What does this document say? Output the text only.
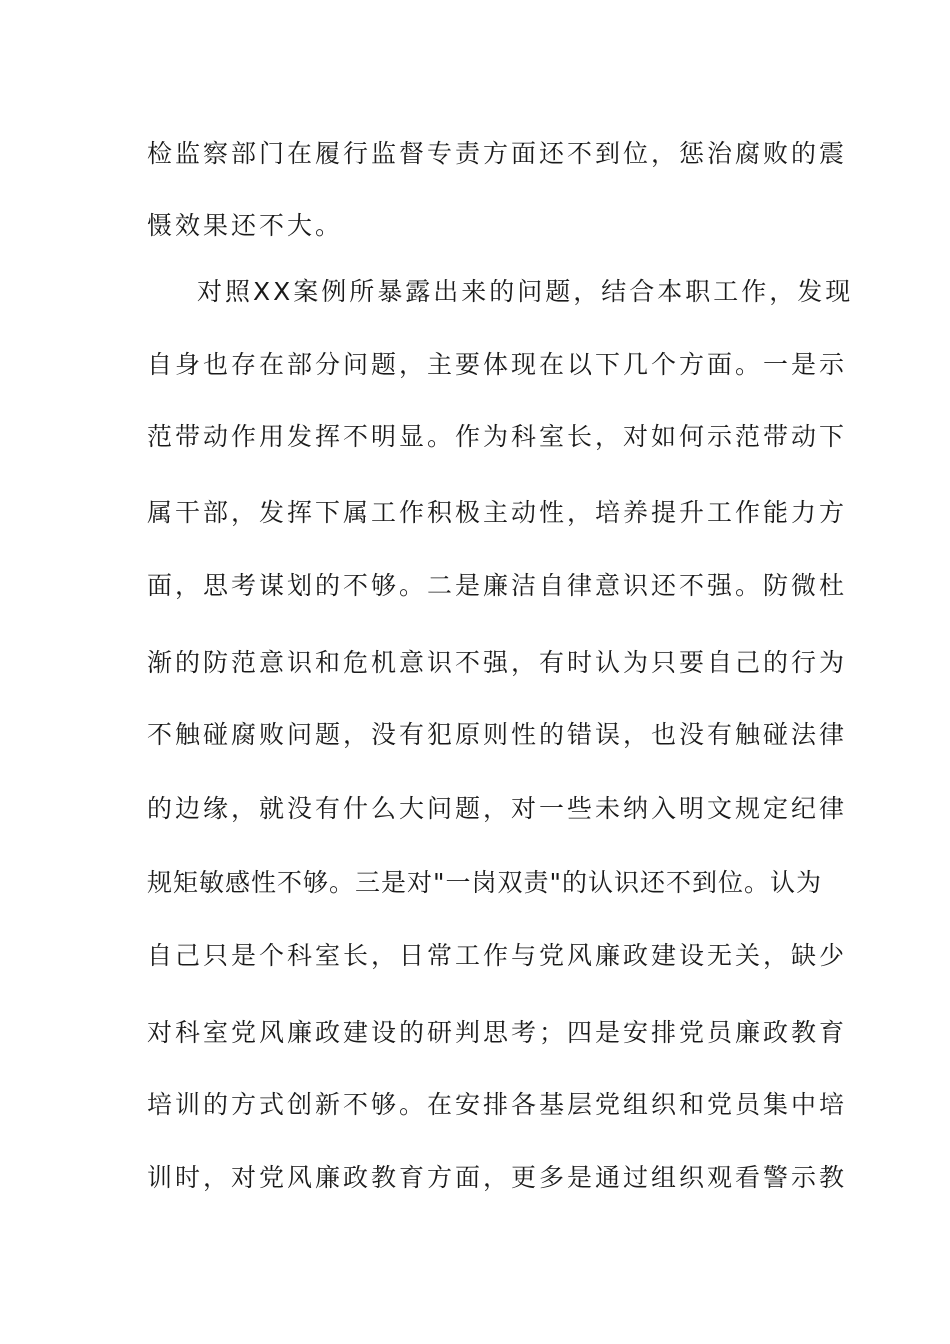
检监察部门在履行监督专责方面还不到位，惩治腐败的震
慑效果还不大。
对照XX案例所暴露出来的问题，结合本职工作，发现
自身也存在部分问题，主要体现在以下几个方面。一是示
范带动作用发挥不明显。作为科室长，对如何示范带动下
属干部，发挥下属工作积极主动性，培养提升工作能力方
面，思考谋划的不够。二是廉洁自律意识还不强。防微杜
渐的防范意识和危机意识不强，有时认为只要自己的行为
不触碰腐败问题，没有犯原则性的错误，也没有触碰法律
的边缘，就没有什么大问题，对一些未纳入明文规定纪律
规矩敏感性不够。三是对"一岗双责"的认识还不到位。认为
自己只是个科室长，日常工作与党风廉政建设无关，缺少
对科室党风廉政建设的研判思考；四是安排党员廉政教育
培训的方式创新不够。在安排各基层党组织和党员集中培
训时，对党风廉政教育方面，更多是通过组织观看警示教
